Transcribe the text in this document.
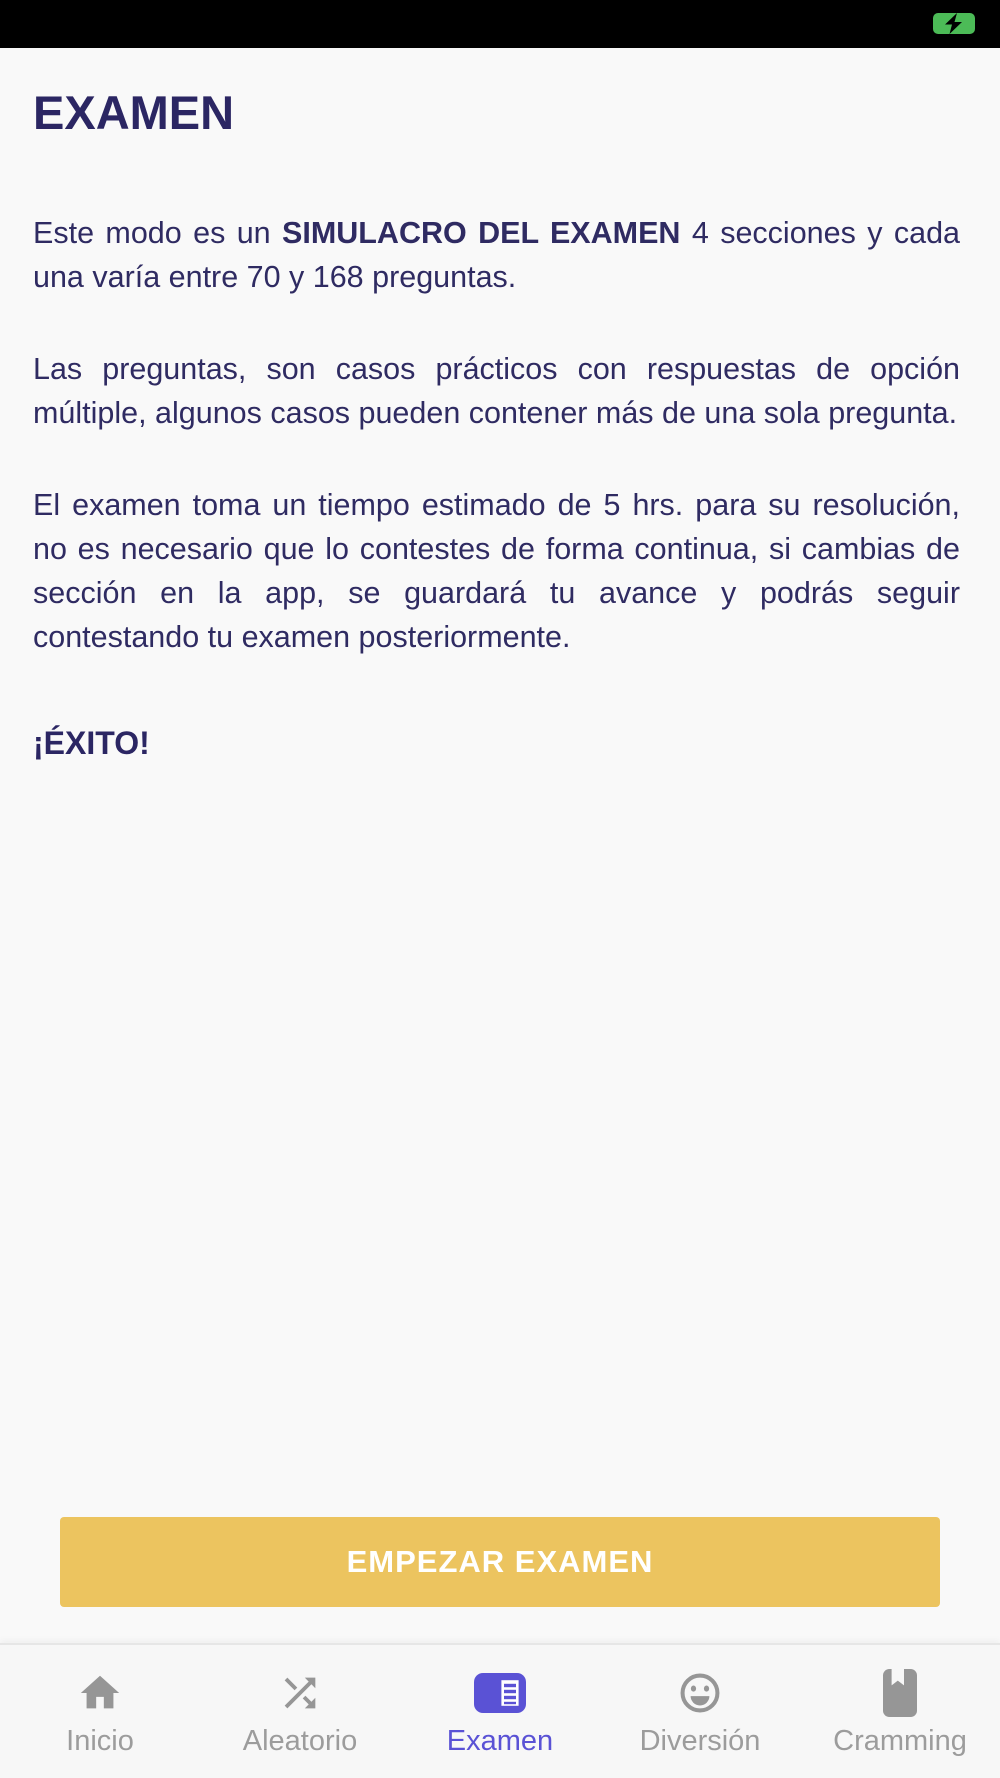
EXAMEN

Este modo es un SIMULACRO DEL EXAMEN 4 secciones y cada una varía entre 70 y 168 preguntas.

Las preguntas, son casos prácticos con respuestas de opción múltiple, algunos casos pueden contener más de una sola pregunta.

El examen toma un tiempo estimado de 5 hrs. para su resolución, no es necesario que lo contestes de forma continua, si cambias de sección en la app, se guardará tu avance y podrás seguir contestando tu examen posteriormente.

¡ÉXITO!

EMPEZAR EXAMEN
Inicio	Aleatorio	Examen	Diversión	Cramming
